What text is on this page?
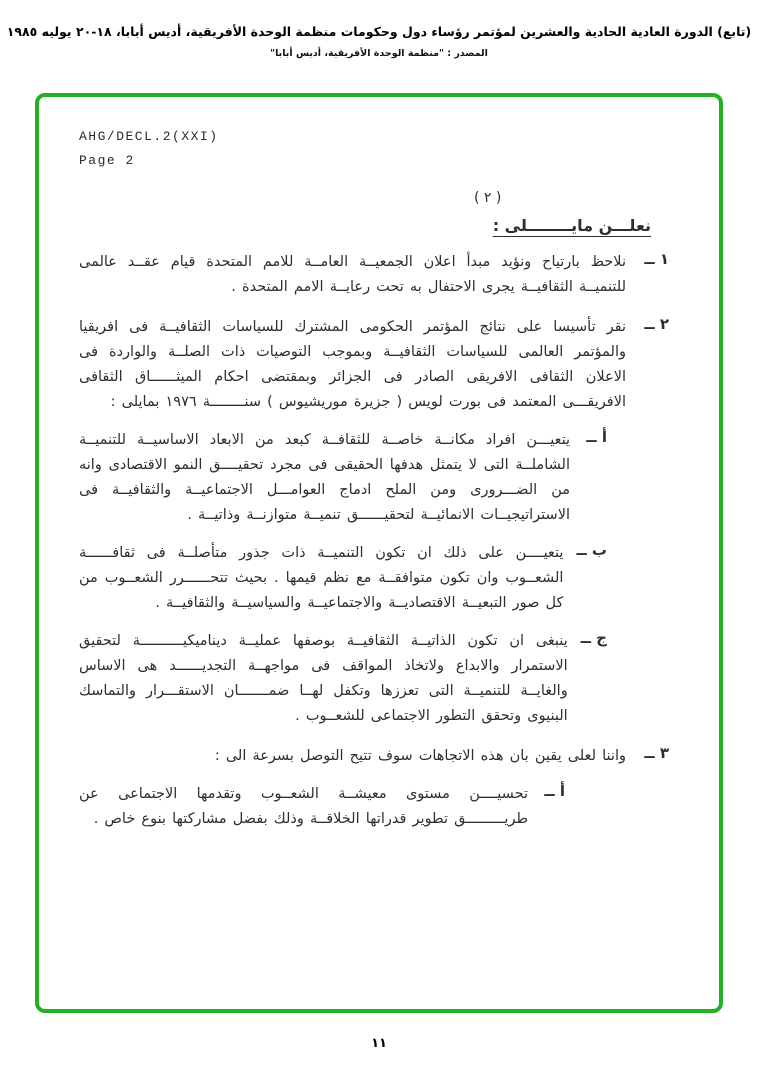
(تابع) الدورة العادية الحادية والعشرين لمؤتمر رؤساء دول وحكومات منظمة الوحدة الأفريقية، أديس أبابا، ١٨-٢٠ يوليه ١٩٨٥
المصدر : "منظمة الوحدة الأفريقية، أديس أبابا"
AHG/DECL.2(XXI)
Page 2
( ٢ )
نعلـــن مايــــــــلى :
١ ــ
نلاحظ بارتياح ونؤيد مبدأ اعلان الجمعيــة العامــة للامم المتحدة قيام عقــد عالمى للتنميــة الثقافيــة يجرى الاحتفال به تحت رعايــة الامم المتحدة .
٢ ــ
نقر تأسيسا على نتائج المؤتمر الحكومى المشترك للسياسات الثقافيــة فى افريقيا والمؤتمر العالمى للسياسات الثقافيــة وبموجب التوصيات ذات الصلــة والواردة فى الاعلان الثقافى الافريقى الصادر فى الجزائر وبمقتضى احكام الميثــــــاق الثقافى الافريقـــى المعتمد فى بورت لويس ( جزيرة موريشيوس ) سنــــــــة ١٩٧٦ بمايلى :
أ ــ
يتعيـــن افراد مكانــة خاصــة للثقافــة كبعد من الابعاد الاساسيــة للتنميــة الشاملــة التى لا يتمثل هدفها الحقيقى فى مجرد تحقيــــق النمو الاقتصادى وانه من الضـــرورى ومن الملح ادماج العوامـــل الاجتماعيــة والثقافيــة فى الاستراتيجيــات الانمائيــة لتحقيــــــق تنميــة متوازنــة وذاتيــة .
ب ــ
يتعيــــن على ذلك ان تكون التنميــة ذات جذور متأصلــة فى ثقافــــــة الشعــوب وان تكون متوافقــة مع نظم قيمها . بحيث تتحــــــرر الشعــوب من كل صور التبعيــة الاقتصاديــة والاجتماعيــة والسياسيــة والثقافيــة .
ج ــ
ينبغى ان تكون الذاتيــة الثقافيــة بوصفها عمليــة ديناميكيــــــــــة لتحقيق الاستمرار والابداع ولاتخاذ المواقف فى مواجهــة التجديــــــد هى الاساس والغايــة للتنميــة التى تعززها وتكفل لهــا ضمـــــــان الاستقـــرار والتماسك البنيوى وتحقق التطور الاجتماعى للشعــوب .
٣ ــ
واننا لعلى يقين بان هذه الاتجاهات سوف تتيح التوصل بسرعة الى :
أ ــ
تحسيــــن مستوى معيشــة الشعــوب وتقدمها الاجتماعى عن طريـــــــــق تطوير قدراتها الخلاقــة وذلك بفضل مشاركتها بنوع خاص .
١١
